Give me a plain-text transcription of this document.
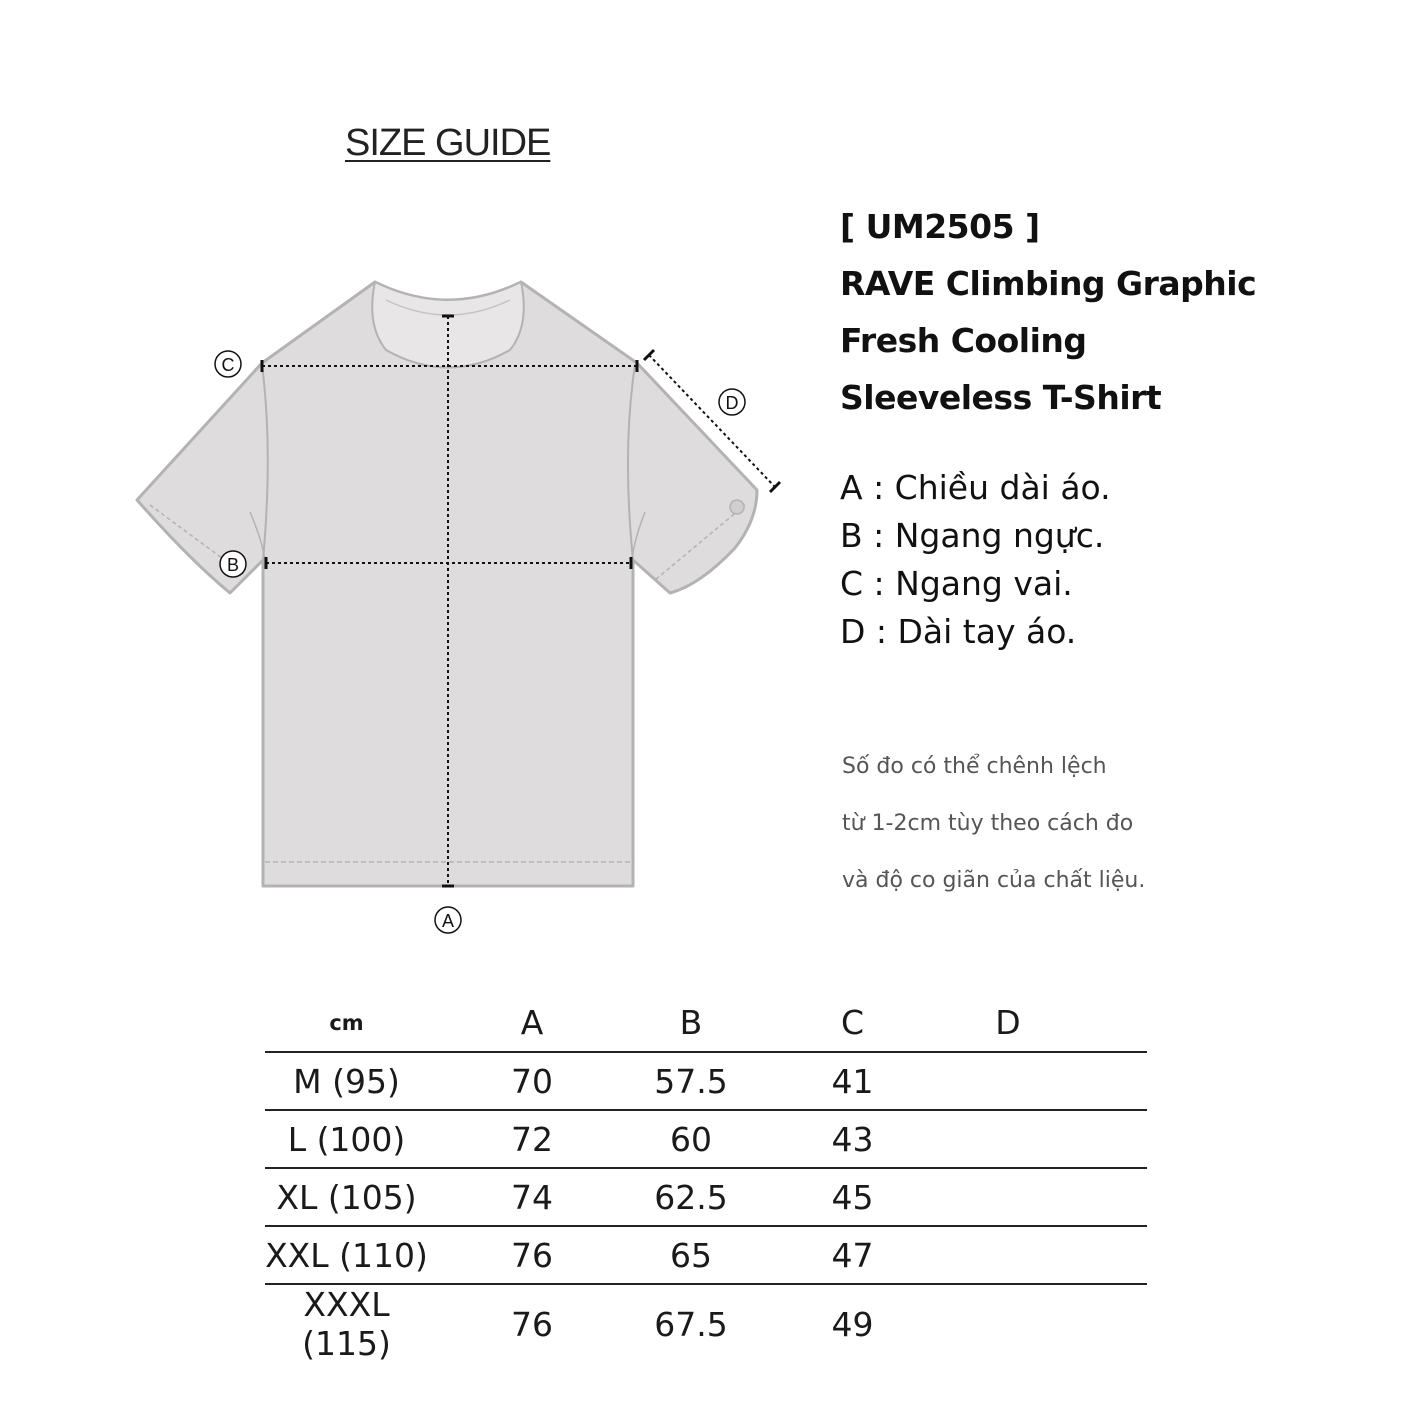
SIZE GUIDE
A
B
C
D

[ UM2505 ]

RAVE Climbing Graphic

Fresh Cooling

Sleeveless T-Shirt

A : Chiều dài áo.

B : Ngang ngực.

C : Ngang vai.

D : Dài tay áo.

Số đo có thể chênh lệch

từ 1-2cm tùy theo cách đo

và độ co giãn của chất liệu.

cm	A	B	C	D	
M (95)	70	57.5	41		
L (100)	72	60	43		
XL (105)	74	62.5	45		
XXL (110)	76	65	47		
XXXL (115)	76	67.5	49		
